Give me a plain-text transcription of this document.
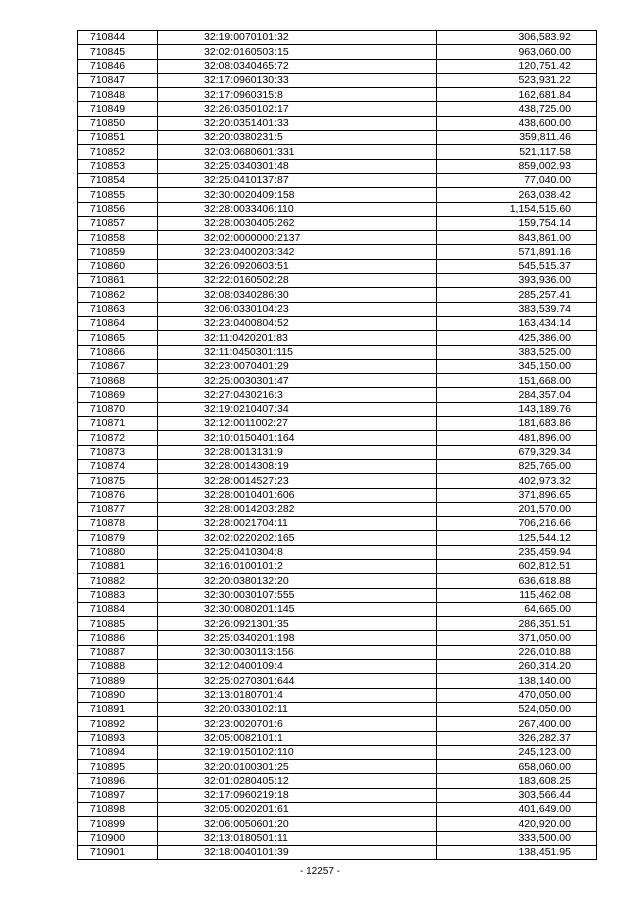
710844	32:19:0070101:32	306,583.92
710845	32:02:0160503:15	963,060.00
710846	32:08:0340465:72	120,751.42
710847	32:17:0960130:33	523,931.22
710848	32:17:0960315:8	162,681.84
710849	32:26:0350102:17	438,725.00
710850	32:20:0351401:33	438,600.00
710851	32:20:0380231:5	359,811.46
710852	32:03:0680601:331	521,117.58
710853	32:25:0340301:48	859,002.93
710854	32:25:0410137:87	77,040.00
710855	32:30:0020409:158	263,038.42
710856	32:28:0033406:110	1,154,515.60
710857	32:28:0030405:262	159,754.14
710858	32:02:0000000:2137	843,861.00
710859	32:23:0400203:342	571,891.16
710860	32:26:0920603:51	545,515.37
710861	32:22:0160502:28	393,936.00
710862	32:08:0340286:30	285,257.41
710863	32:06:0330104:23	383,539.74
710864	32:23:0400804:52	163,434.14
710865	32:11:0420201:83	425,386.00
710866	32:11:0450301:115	383,525.00
710867	32:23:0070401:29	345,150.00
710868	32:25:0030301:47	151,668.00
710869	32:27:0430216:3	284,357.04
710870	32:19:0210407:34	143,189.76
710871	32:12:0011002:27	181,683.86
710872	32:10:0150401:164	481,896.00
710873	32:28:0013131:9	679,329.34
710874	32:28:0014308:19	825,765.00
710875	32:28:0014527:23	402,973.32
710876	32:28:0010401:606	371,896.65
710877	32:28:0014203:282	201,570.00
710878	32:28:0021704:11	706,216.66
710879	32:02:0220202:165	125,544.12
710880	32:25:0410304:8	235,459.94
710881	32:16:0100101:2	602,812.51
710882	32:20:0380132:20	636,618.88
710883	32:30:0030107:555	115,462.08
710884	32:30:0080201:145	64,665.00
710885	32:26:0921301:35	286,351.51
710886	32:25:0340201:198	371,050.00
710887	32:30:0030113:156	226,010.88
710888	32:12:0400109:4	260,314.20
710889	32:25:0270301:644	138,140.00
710890	32:13:0180701:4	470,050.00
710891	32:20:0330102:11	524,050.00
710892	32:23:0020701:6	267,400.00
710893	32:05:0082101:1	326,282.37
710894	32:19:0150102:110	245,123.00
710895	32:20:0100301:25	658,060.00
710896	32:01:0280405:12	183,608.25
710897	32:17:0960219:18	303,566.44
710898	32:05:0020201:61	401,649.00
710899	32:06:0050601:20	420,920.00
710900	32:13:0180501:11	333,500.00
710901	32:18:0040101:39	138,451.95
- 12257 -
